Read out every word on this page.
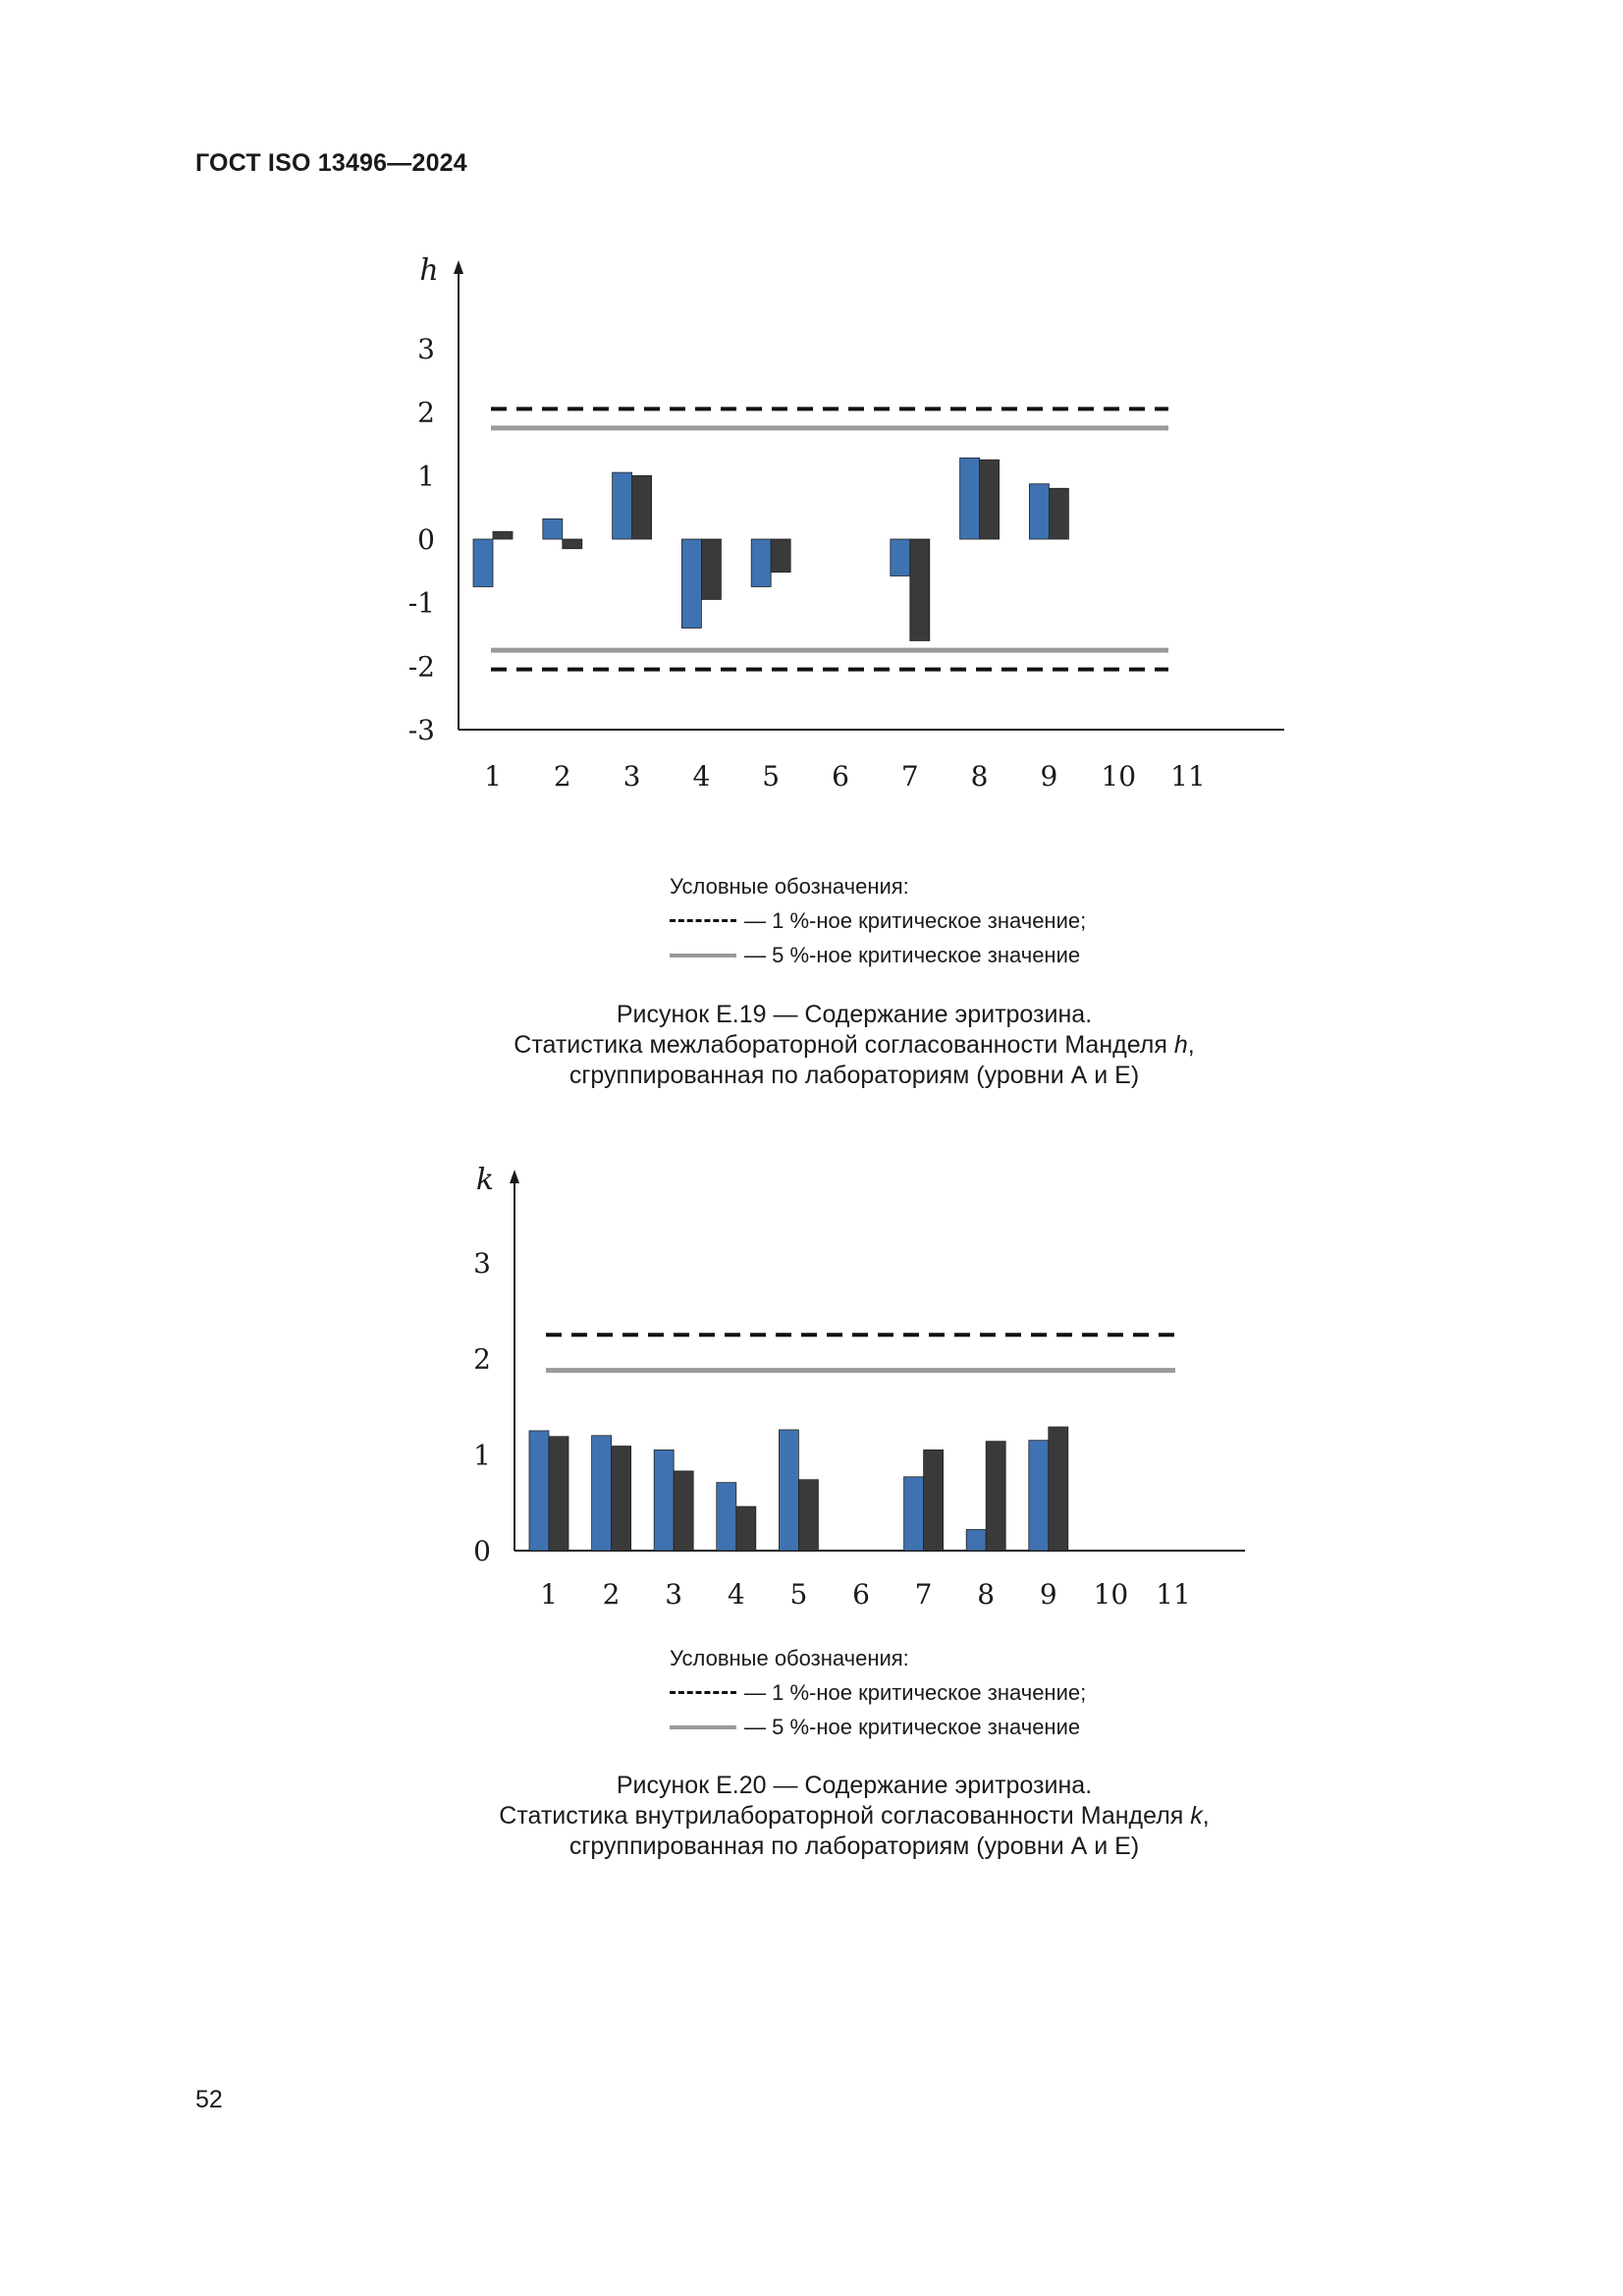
ГОСТ ISO 13496—2024
h
3
2
1
0
-1
-2
-3
1 2 3 4 5 6 7 8 9 10 11
Условные обозначения:
— 1 %-ное критическое значение;
— 5 %-ное критическое значение
Рисунок Е.19 — Содержание эритрозина.
Статистика межлабораторной согласованности Манделя h,
сгруппированная по лабораториям (уровни А и Е)
k
3
2
1
0
1 2 3 4 5 6 7 8 9 10 11
Условные обозначения:
— 1 %-ное критическое значение;
— 5 %-ное критическое значение
Рисунок Е.20 — Содержание эритрозина.
Статистика внутрилабораторной согласованности Манделя k,
сгруппированная по лабораториям (уровни А и Е)
52
